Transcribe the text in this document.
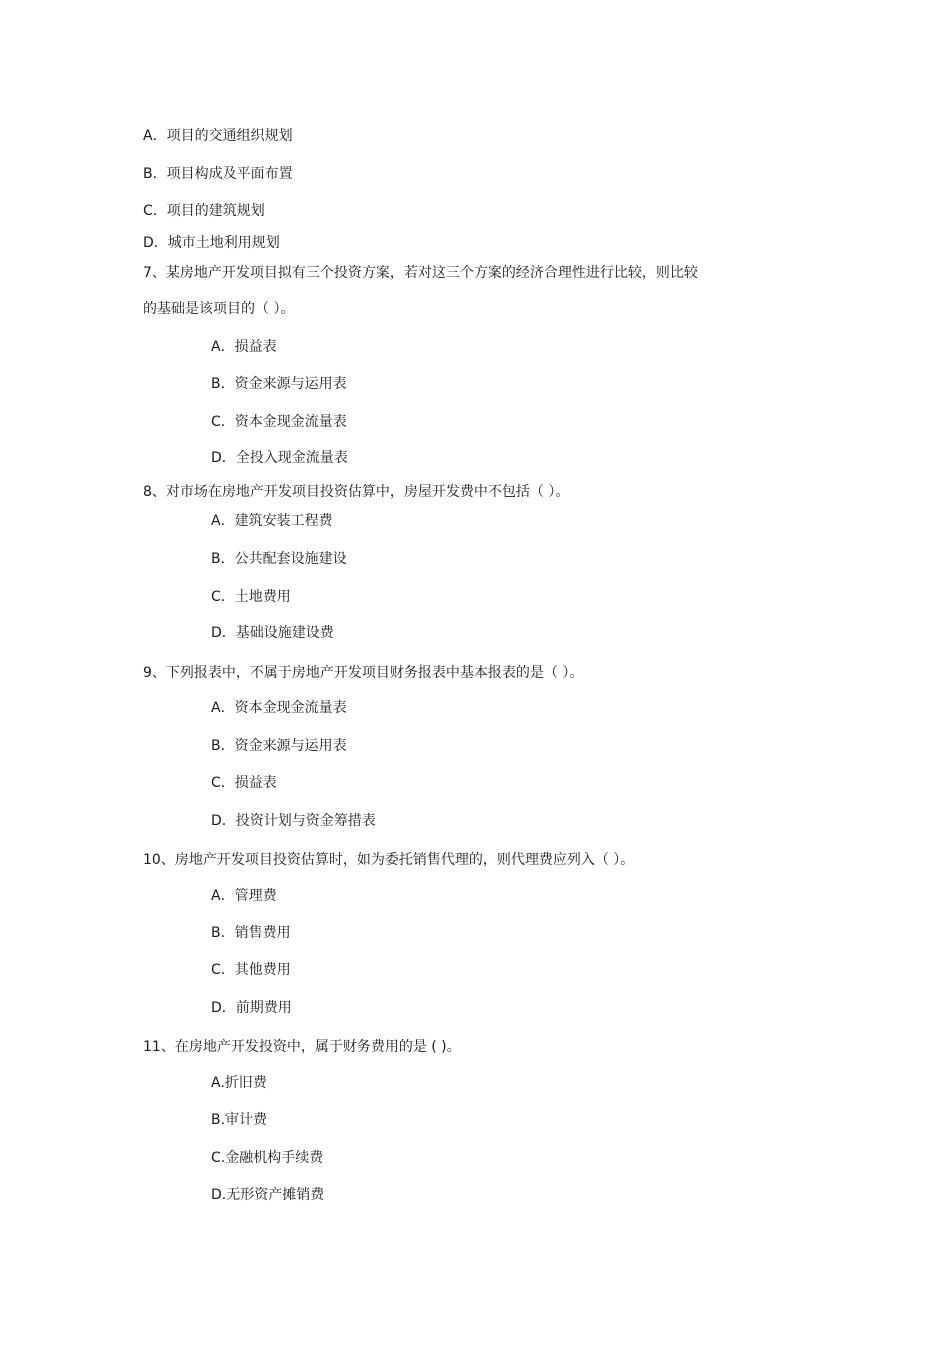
A．项目的交通组织规划
B．项目构成及平面布置
C．项目的建筑规划
D．城市土地利用规划
7、某房地产开发项目拟有三个投资方案，若对这三个方案的经济合理性进行比较，则比较
的基础是该项目的（ ）。
A．损益表
B．资金来源与运用表
C．资本金现金流量表
D．全投入现金流量表
8、对市场在房地产开发项目投资估算中，房屋开发费中不包括（ ）。
A．建筑安装工程费
B．公共配套设施建设
C．土地费用
D．基础设施建设费
9、下列报表中，不属于房地产开发项目财务报表中基本报表的是（ ）。
A．资本金现金流量表
B．资金来源与运用表
C．损益表
D．投资计划与资金筹措表
10、房地产开发项目投资估算时，如为委托销售代理的，则代理费应列入（ ）。
A．管理费
B．销售费用
C．其他费用
D．前期费用
11、在房地产开发投资中，属于财务费用的是 ( )。
A.折旧费
B.审计费
C.金融机构手续费
D.无形资产摊销费
